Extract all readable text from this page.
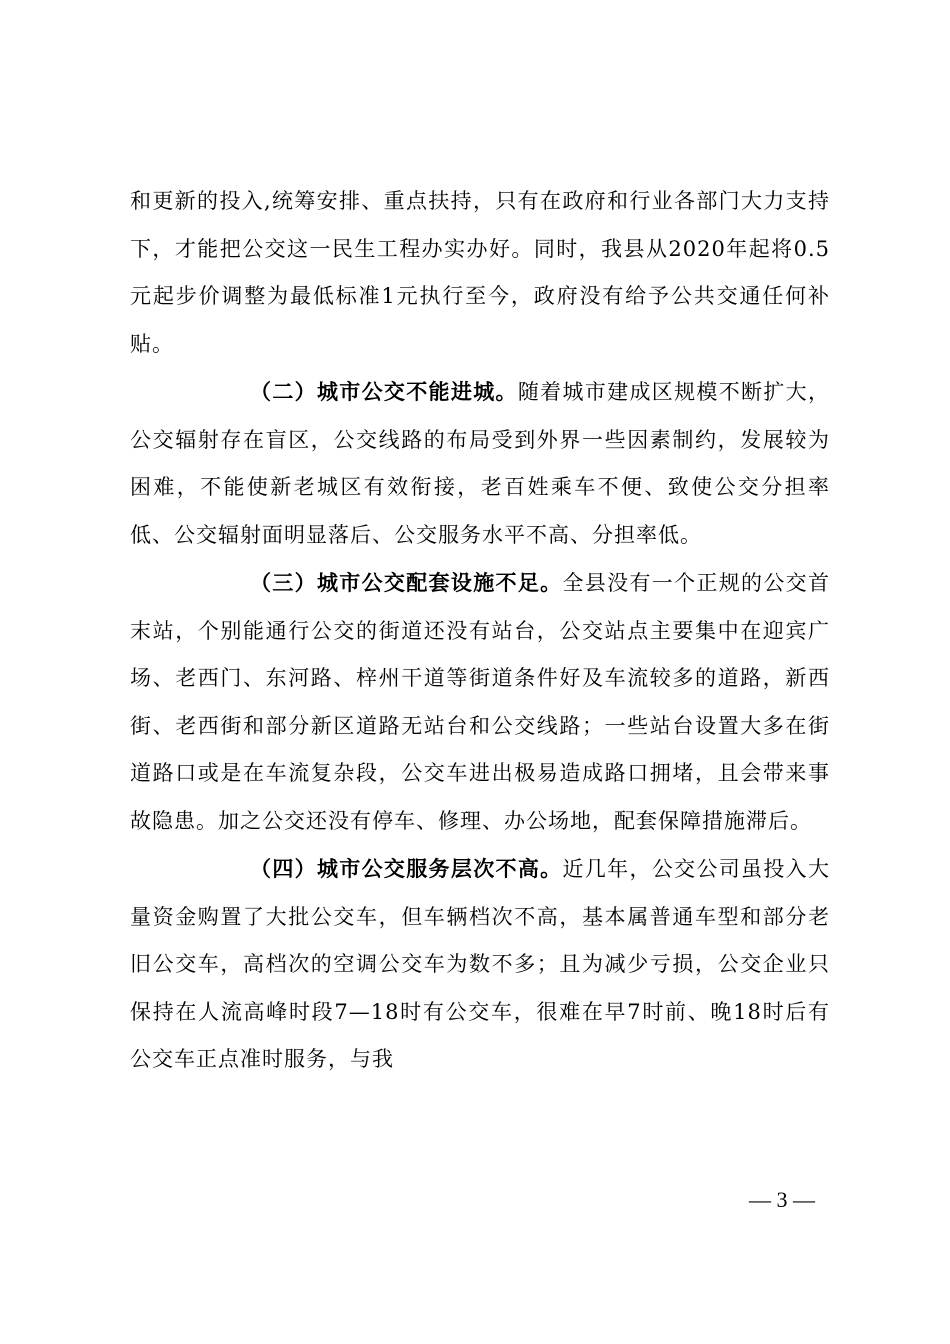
和更新的投入,统筹安排、重点扶持，只有在政府和行业各部门大力支持下，才能把公交这一民生工程办实办好。同时，我县从2020年起将0.5元起步价调整为最低标准1元执行至今，政府没有给予公共交通任何补贴。

（二）城市公交不能进城。随着城市建成区规模不断扩大，公交辐射存在盲区，公交线路的布局受到外界一些因素制约，发展较为困难，不能使新老城区有效衔接，老百姓乘车不便、致使公交分担率低、公交辐射面明显落后、公交服务水平不高、分担率低。

（三）城市公交配套设施不足。全县没有一个正规的公交首末站，个别能通行公交的街道还没有站台，公交站点主要集中在迎宾广场、老西门、东河路、梓州干道等街道条件好及车流较多的道路，新西街、老西街和部分新区道路无站台和公交线路；一些站台设置大多在街道路口或是在车流复杂段，公交车进出极易造成路口拥堵，且会带来事故隐患。加之公交还没有停车、修理、办公场地，配套保障措施滞后。

（四）城市公交服务层次不高。近几年，公交公司虽投入大量资金购置了大批公交车，但车辆档次不高，基本属普通车型和部分老旧公交车，高档次的空调公交车为数不多；且为减少亏损，公交企业只保持在人流高峰时段7—18时有公交车，很难在早7时前、晚18时后有公交车正点准时服务，与我

— 3 —
